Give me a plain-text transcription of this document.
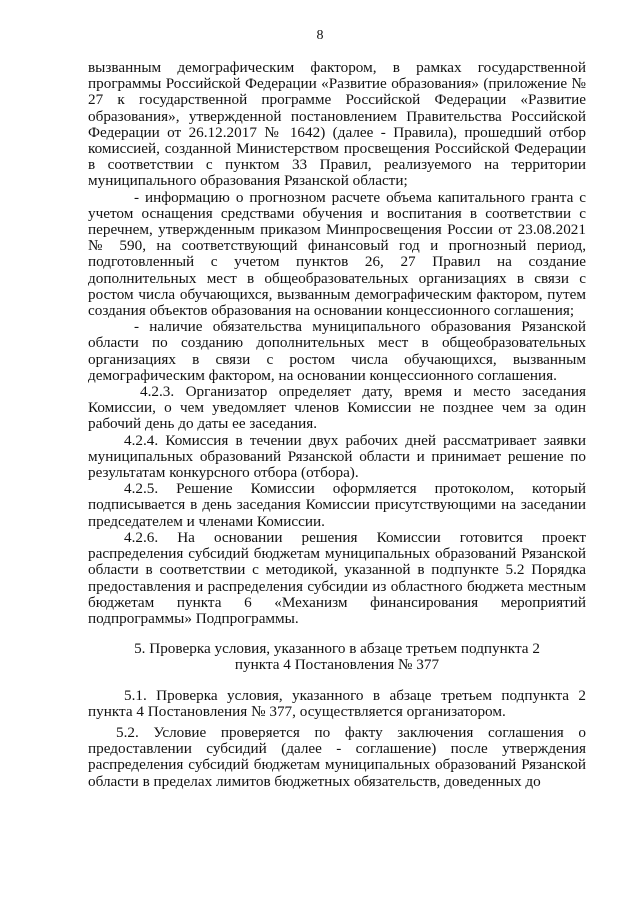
8

вызванным демографическим фактором, в рамках государственной программы Российской Федерации «Развитие образования» (приложение № 27 к государственной программе Российской Федерации «Развитие образования», утвержденной постановлением Правительства Российской Федерации от 26.12.2017 № 1642) (далее - Правила), прошедший отбор комиссией, созданной Министерством просвещения Российской Федерации в соответствии с пунктом 33 Правил, реализуемого на территории муниципального образования Рязанской области;

- информацию о прогнозном расчете объема капитального гранта с учетом оснащения средствами обучения и воспитания в соответствии с перечнем, утвержденным приказом Минпросвещения России от 23.08.2021 № 590, на соответствующий финансовый год и прогнозный период, подготовленный с учетом пунктов 26, 27 Правил на создание дополнительных мест в общеобразовательных организациях в связи с ростом числа обучающихся, вызванным демографическим фактором, путем создания объектов образования на основании концессионного соглашения;

- наличие обязательства муниципального образования Рязанской области по созданию дополнительных мест в общеобразовательных организациях в связи с ростом числа обучающихся, вызванным демографическим фактором, на основании концессионного соглашения.

4.2.3. Организатор определяет дату, время и место заседания Комиссии, о чем уведомляет членов Комиссии не позднее чем за один рабочий день до даты ее заседания.

4.2.4. Комиссия в течении двух рабочих дней рассматривает заявки муниципальных образований Рязанской области и принимает решение по результатам конкурсного отбора (отбора).

4.2.5. Решение Комиссии оформляется протоколом, который подписывается в день заседания Комиссии присутствующими на заседании председателем и членами Комиссии.

4.2.6. На основании решения Комиссии готовится проект распределения субсидий бюджетам муниципальных образований Рязанской области в соответствии с методикой, указанной в подпункте 5.2 Порядка предоставления и распределения субсидии из областного бюджета местным бюджетам пункта 6 «Механизм финансирования мероприятий подпрограммы» Подпрограммы.

5. Проверка условия, указанного в абзаце третьем подпункта 2
пункта 4 Постановления № 377

5.1. Проверка условия, указанного в абзаце третьем подпункта 2 пункта 4 Постановления № 377, осуществляется организатором.

5.2. Условие проверяется по факту заключения соглашения о предоставлении субсидий (далее - соглашение) после утверждения распределения субсидий бюджетам муниципальных образований Рязанской области в пределах лимитов бюджетных обязательств, доведенных до
